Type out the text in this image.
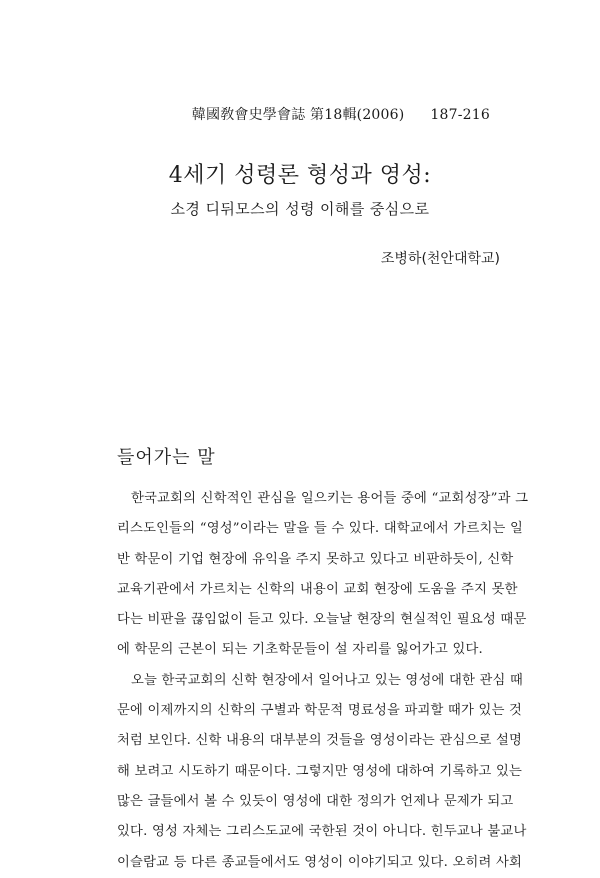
韓國敎會史學會誌 第18輯(2006) 187-216
4세기 성령론 형성과 영성:
소경 디뒤모스의 성령 이해를 중심으로
조병하(천안대학교)
들어가는 말
한국교회의 신학적인 관심을 일으키는 용어들 중에 “교회성장”과 그
리스도인들의 “영성”이라는 말을 들 수 있다. 대학교에서 가르치는 일
반 학문이 기업 현장에 유익을 주지 못하고 있다고 비판하듯이, 신학
교육기관에서 가르치는 신학의 내용이 교회 현장에 도움을 주지 못한
다는 비판을 끊임없이 듣고 있다. 오늘날 현장의 현실적인 필요성 때문
에 학문의 근본이 되는 기초학문들이 설 자리를 잃어가고 있다.
오늘 한국교회의 신학 현장에서 일어나고 있는 영성에 대한 관심 때
문에 이제까지의 신학의 구별과 학문적 명료성을 파괴할 때가 있는 것
처럼 보인다. 신학 내용의 대부분의 것들을 영성이라는 관심으로 설명
해 보려고 시도하기 때문이다. 그렇지만 영성에 대하여 기록하고 있는
많은 글들에서 볼 수 있듯이 영성에 대한 정의가 언제나 문제가 되고
있다. 영성 자체는 그리스도교에 국한된 것이 아니다. 힌두교나 불교나
이슬람교 등 다른 종교들에서도 영성이 이야기되고 있다. 오히려 사회
